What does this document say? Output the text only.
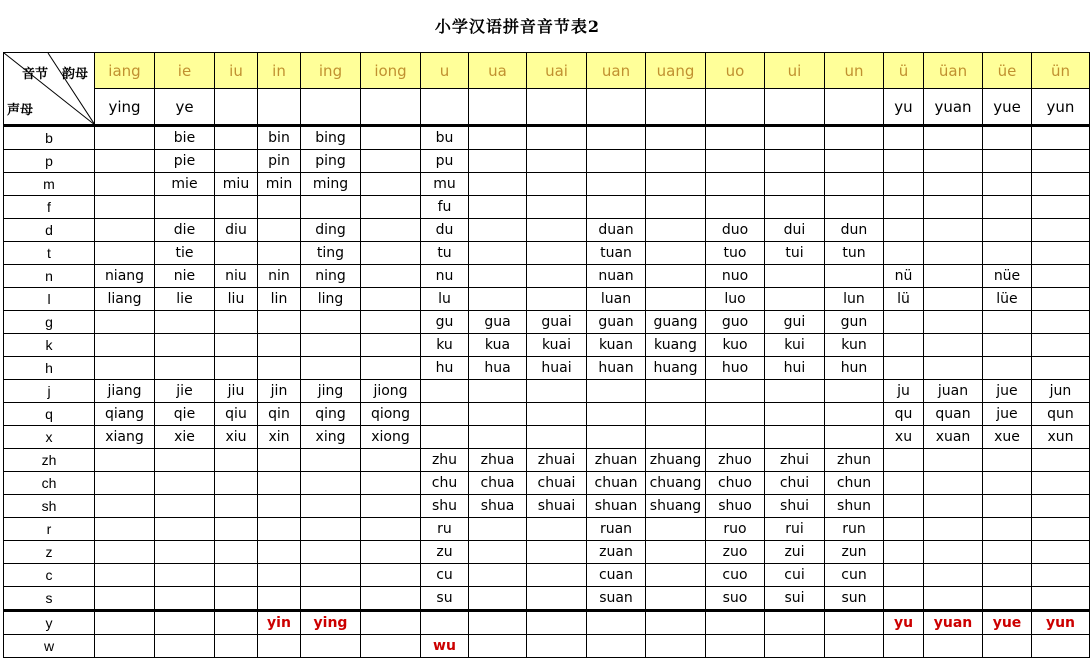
小学汉语拼音音节表2
音节 韵母
声母	iang	ie	iu	in	ing	iong	u	ua	uai	uan	uang	uo	ui	un	ü	üan	üe	ün
	ying	ye													yu	yuan	yue	yun
b		bie		bin	bing		bu											
p		pie		pin	ping		pu											
m		mie	miu	min	ming		mu											
f							fu											
d		die	diu		ding		du			duan		duo	dui	dun				
t		tie			ting		tu			tuan		tuo	tui	tun				
n	niang	nie	niu	nin	ning		nu			nuan		nuo			nü		nüe	
l	liang	lie	liu	lin	ling		lu			luan		luo		lun	lü		lüe	
g							gu	gua	guai	guan	guang	guo	gui	gun				
k							ku	kua	kuai	kuan	kuang	kuo	kui	kun				
h							hu	hua	huai	huan	huang	huo	hui	hun				
j	jiang	jie	jiu	jin	jing	jiong									ju	juan	jue	jun
q	qiang	qie	qiu	qin	qing	qiong									qu	quan	jue	qun
x	xiang	xie	xiu	xin	xing	xiong									xu	xuan	xue	xun
zh							zhu	zhua	zhuai	zhuan	zhuang	zhuo	zhui	zhun				
ch							chu	chua	chuai	chuan	chuang	chuo	chui	chun				
sh							shu	shua	shuai	shuan	shuang	shuo	shui	shun				
r							ru			ruan		ruo	rui	run				
z							zu			zuan		zuo	zui	zun				
c							cu			cuan		cuo	cui	cun				
s							su			suan		suo	sui	sun				
y				yin	ying										yu	yuan	yue	yun
w							wu											
